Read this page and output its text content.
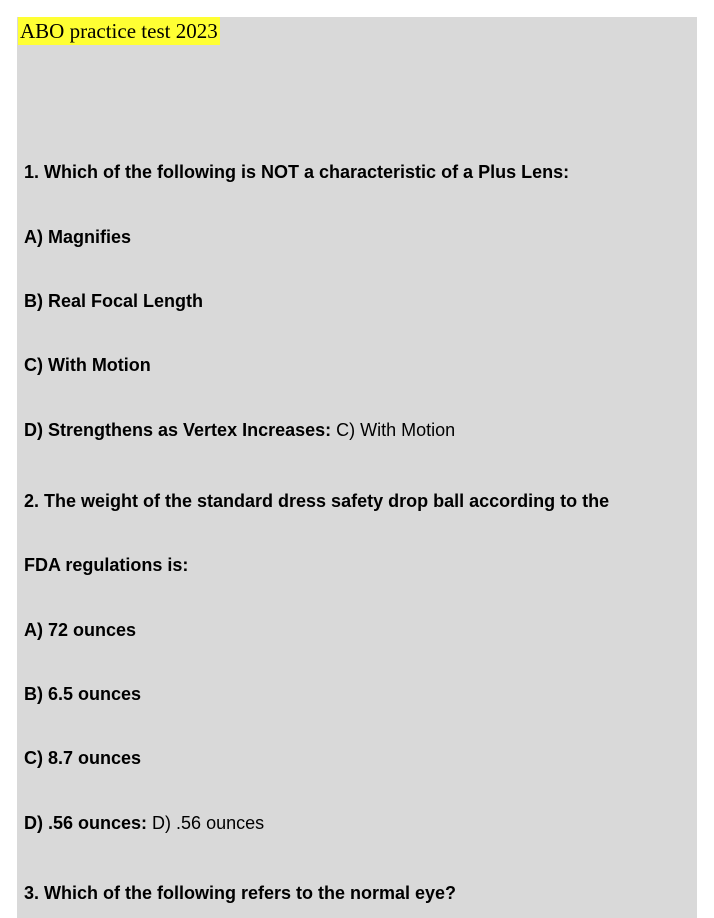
ABO practice test 2023
1. Which of the following is NOT a characteristic of a Plus Lens:
A) Magnifies
B) Real Focal Length
C) With Motion
D) Strengthens as Vertex Increases: C) With Motion
2. The weight of the standard dress safety drop ball according to the
FDA regulations is:
A) 72 ounces
B) 6.5 ounces
C) 8.7 ounces
D) .56 ounces: D) .56 ounces
3. Which of the following refers to the normal eye?
